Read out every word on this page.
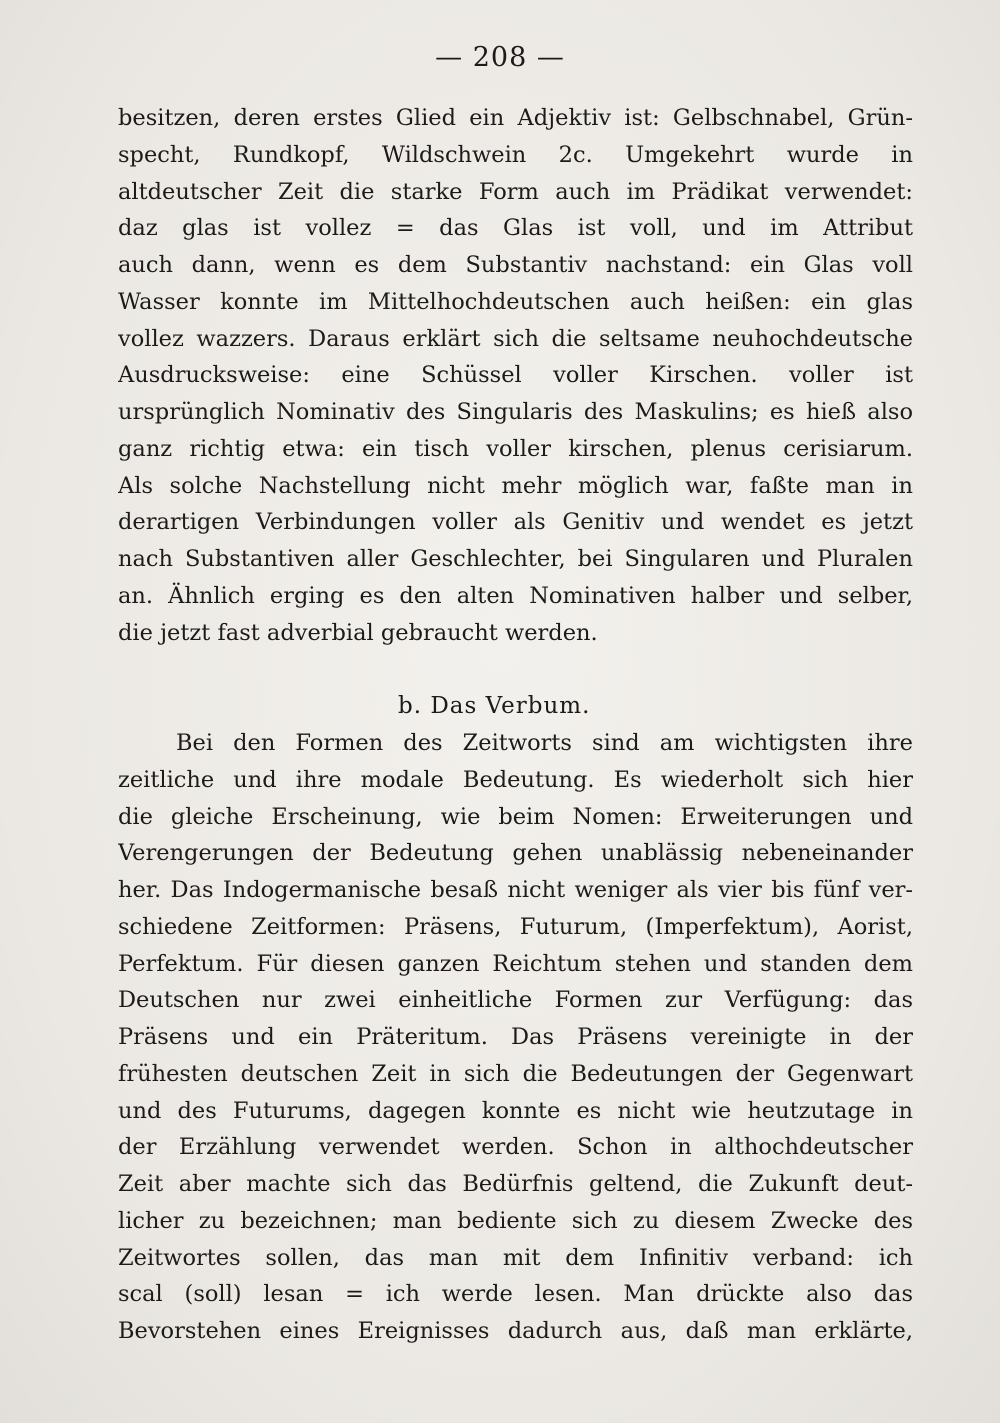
— 208 —
besitzen, deren erstes Glied ein Adjektiv ist: Gelbschnabel, Grün-
specht, Rundkopf, Wildschwein 2c. Umgekehrt wurde in
altdeutscher Zeit die starke Form auch im Prädikat verwendet:
daz glas ist vollez = das Glas ist voll, und im Attribut
auch dann, wenn es dem Substantiv nachstand: ein Glas voll
Wasser konnte im Mittelhochdeutschen auch heißen: ein glas
vollez wazzers. Daraus erklärt sich die seltsame neuhochdeutsche
Ausdrucksweise: eine Schüssel voller Kirschen. voller ist
ursprünglich Nominativ des Singularis des Maskulins; es hieß also
ganz richtig etwa: ein tisch voller kirschen, plenus cerisiarum.
Als solche Nachstellung nicht mehr möglich war, faßte man in
derartigen Verbindungen voller als Genitiv und wendet es jetzt
nach Substantiven aller Geschlechter, bei Singularen und Pluralen
an. Ähnlich erging es den alten Nominativen halber und selber,
die jetzt fast adverbial gebraucht werden.
b. Das Verbum.
Bei den Formen des Zeitworts sind am wichtigsten ihre
zeitliche und ihre modale Bedeutung. Es wiederholt sich hier
die gleiche Erscheinung, wie beim Nomen: Erweiterungen und
Verengerungen der Bedeutung gehen unablässig nebeneinander
her. Das Indogermanische besaß nicht weniger als vier bis fünf ver-
schiedene Zeitformen: Präsens, Futurum, (Imperfektum), Aorist,
Perfektum. Für diesen ganzen Reichtum stehen und standen dem
Deutschen nur zwei einheitliche Formen zur Verfügung: das
Präsens und ein Präteritum. Das Präsens vereinigte in der
frühesten deutschen Zeit in sich die Bedeutungen der Gegenwart
und des Futurums, dagegen konnte es nicht wie heutzutage in
der Erzählung verwendet werden. Schon in althochdeutscher
Zeit aber machte sich das Bedürfnis geltend, die Zukunft deut-
licher zu bezeichnen; man bediente sich zu diesem Zwecke des
Zeitwortes sollen, das man mit dem Infinitiv verband: ich
scal (soll) lesan = ich werde lesen. Man drückte also das
Bevorstehen eines Ereignisses dadurch aus, daß man erklärte,
